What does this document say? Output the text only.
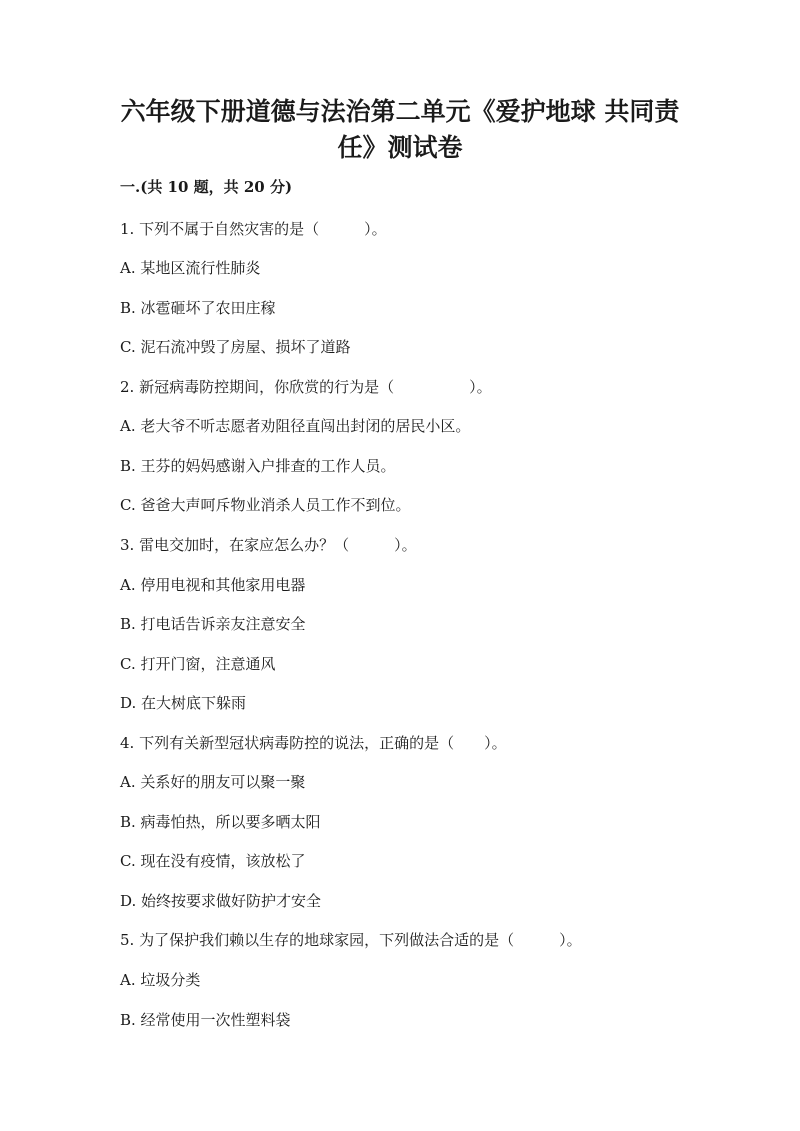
六年级下册道德与法治第二单元《爱护地球 共同责
任》测试卷

一.(共 10 题，共 20 分)

1. 下列不属于自然灾害的是（　　　）。

A. 某地区流行性肺炎

B. 冰雹砸坏了农田庄稼

C. 泥石流冲毁了房屋、损坏了道路

2. 新冠病毒防控期间，你欣赏的行为是（　　　　　）。

A. 老大爷不听志愿者劝阻径直闯出封闭的居民小区。

B. 王芬的妈妈感谢入户排查的工作人员。

C. 爸爸大声呵斥物业消杀人员工作不到位。

3. 雷电交加时，在家应怎么办？（　　　）。

A. 停用电视和其他家用电器

B. 打电话告诉亲友注意安全

C. 打开门窗，注意通风

D. 在大树底下躲雨

4. 下列有关新型冠状病毒防控的说法，正确的是（　　）。

A. 关系好的朋友可以聚一聚

B. 病毒怕热，所以要多晒太阳

C. 现在没有疫情，该放松了

D. 始终按要求做好防护才安全

5. 为了保护我们赖以生存的地球家园，下列做法合适的是（　　　）。

A. 垃圾分类

B. 经常使用一次性塑料袋
